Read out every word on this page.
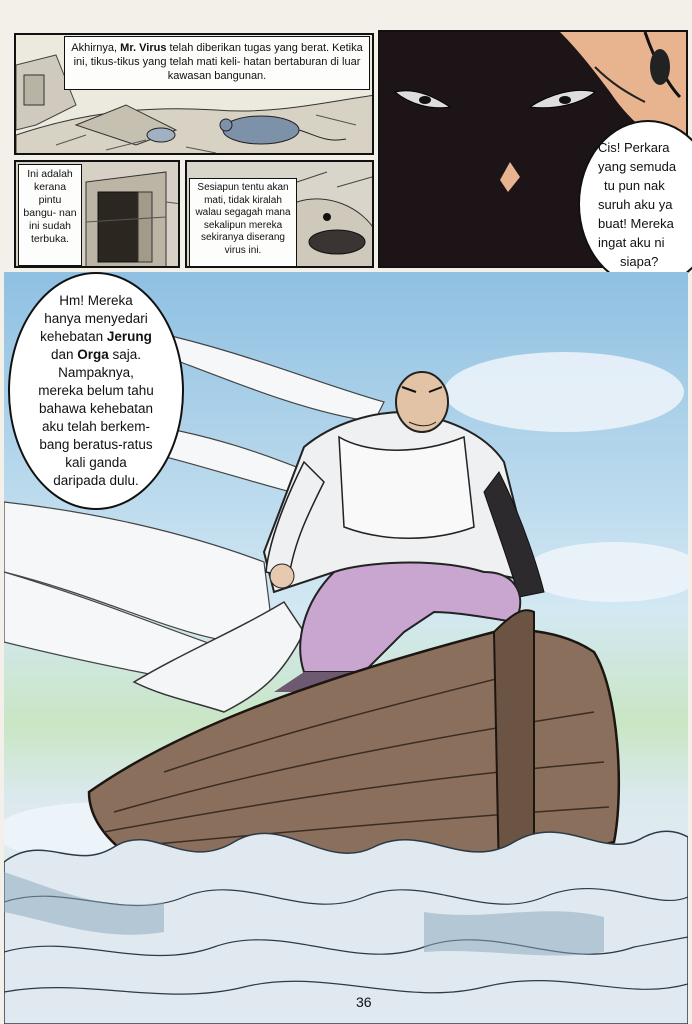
Akhirnya, Mr. Virus telah diberikan tugas yang berat. Ketika ini, tikus-tikus yang telah mati keli- hatan bertaburan di luar kawasan bangunan.
Ini adalah kerana pintu bangu- nan ini sudah terbuka.
Sesiapun tentu akan mati, tidak kiralah walau segagah mana sekalipun mereka sekiranya diserang virus ini.
Cis! Perkara
yang semuda
tu pun nak
suruh aku ya
buat! Mereka
ingat aku ni
siapa?
Hm! Mereka
hanya menyedari
kehebatan Jerung
dan Orga saja.
Nampaknya,
mereka belum tahu
bahawa kehebatan
aku telah berkem-
bang beratus-ratus
kali ganda
daripada dulu.
36
